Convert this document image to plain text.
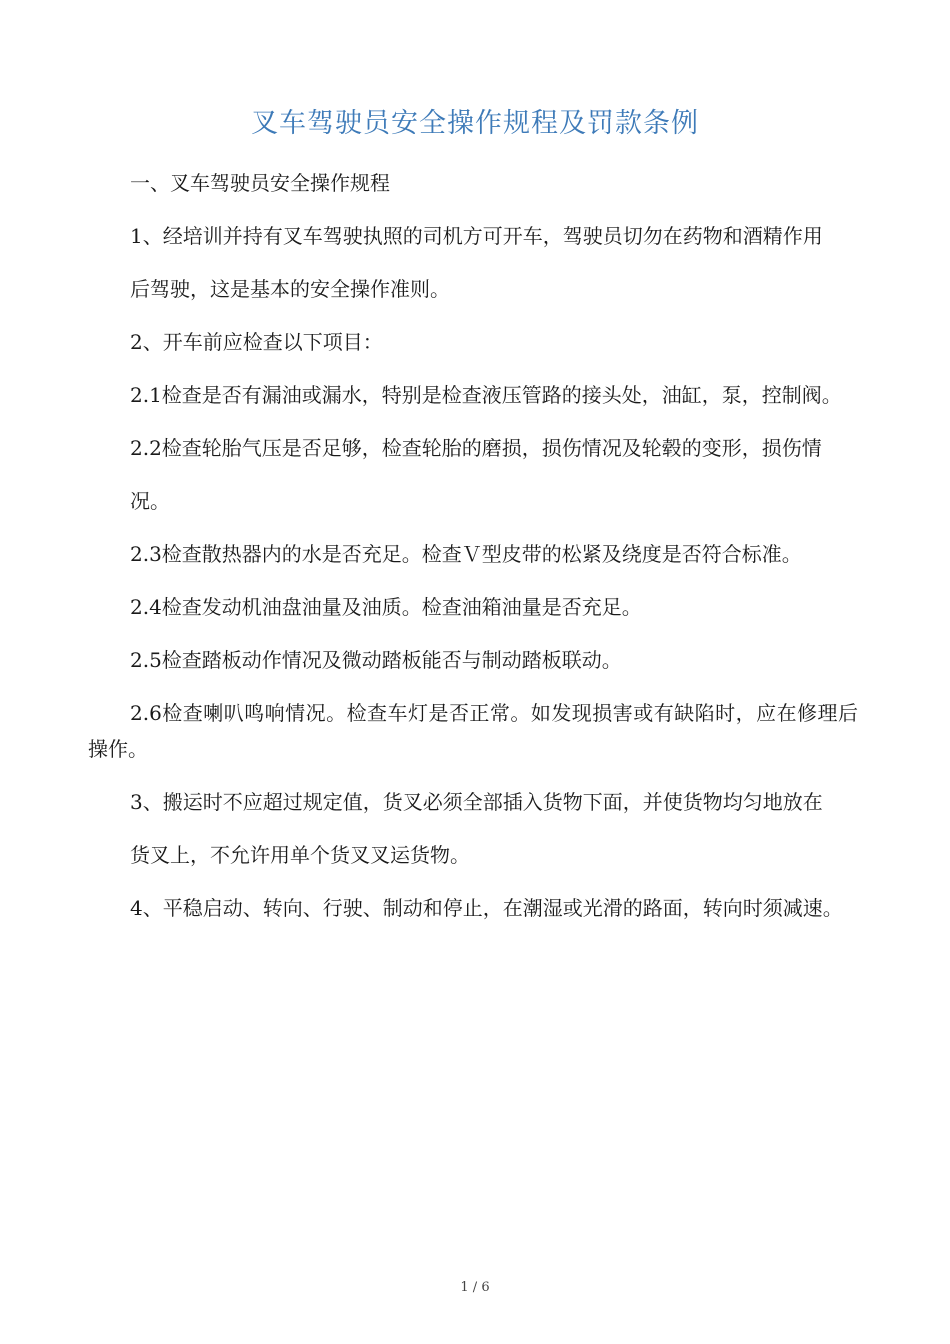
叉车驾驶员安全操作规程及罚款条例

一、叉车驾驶员安全操作规程

1、经培训并持有叉车驾驶执照的司机方可开车，驾驶员切勿在药物和酒精作用

后驾驶，这是基本的安全操作准则。

2、开车前应检查以下项目：

2.1检查是否有漏油或漏水，特别是检查液压管路的接头处，油缸，泵，控制阀。

2.2检查轮胎气压是否足够，检查轮胎的磨损，损伤情况及轮毂的变形，损伤情

况。

2.3检查散热器内的水是否充足。检查Ｖ型皮带的松紧及绕度是否符合标准。

2.4检查发动机油盘油量及油质。检查油箱油量是否充足。

2.5检查踏板动作情况及微动踏板能否与制动踏板联动。

2.6检查喇叭鸣响情况。检查车灯是否正常。如发现损害或有缺陷时，应在修理后操作。

3、搬运时不应超过规定值，货叉必须全部插入货物下面，并使货物均匀地放在

货叉上，不允许用单个货叉叉运货物。

4、平稳启动、转向、行驶、制动和停止，在潮湿或光滑的路面，转向时须减速。

1 / 6
